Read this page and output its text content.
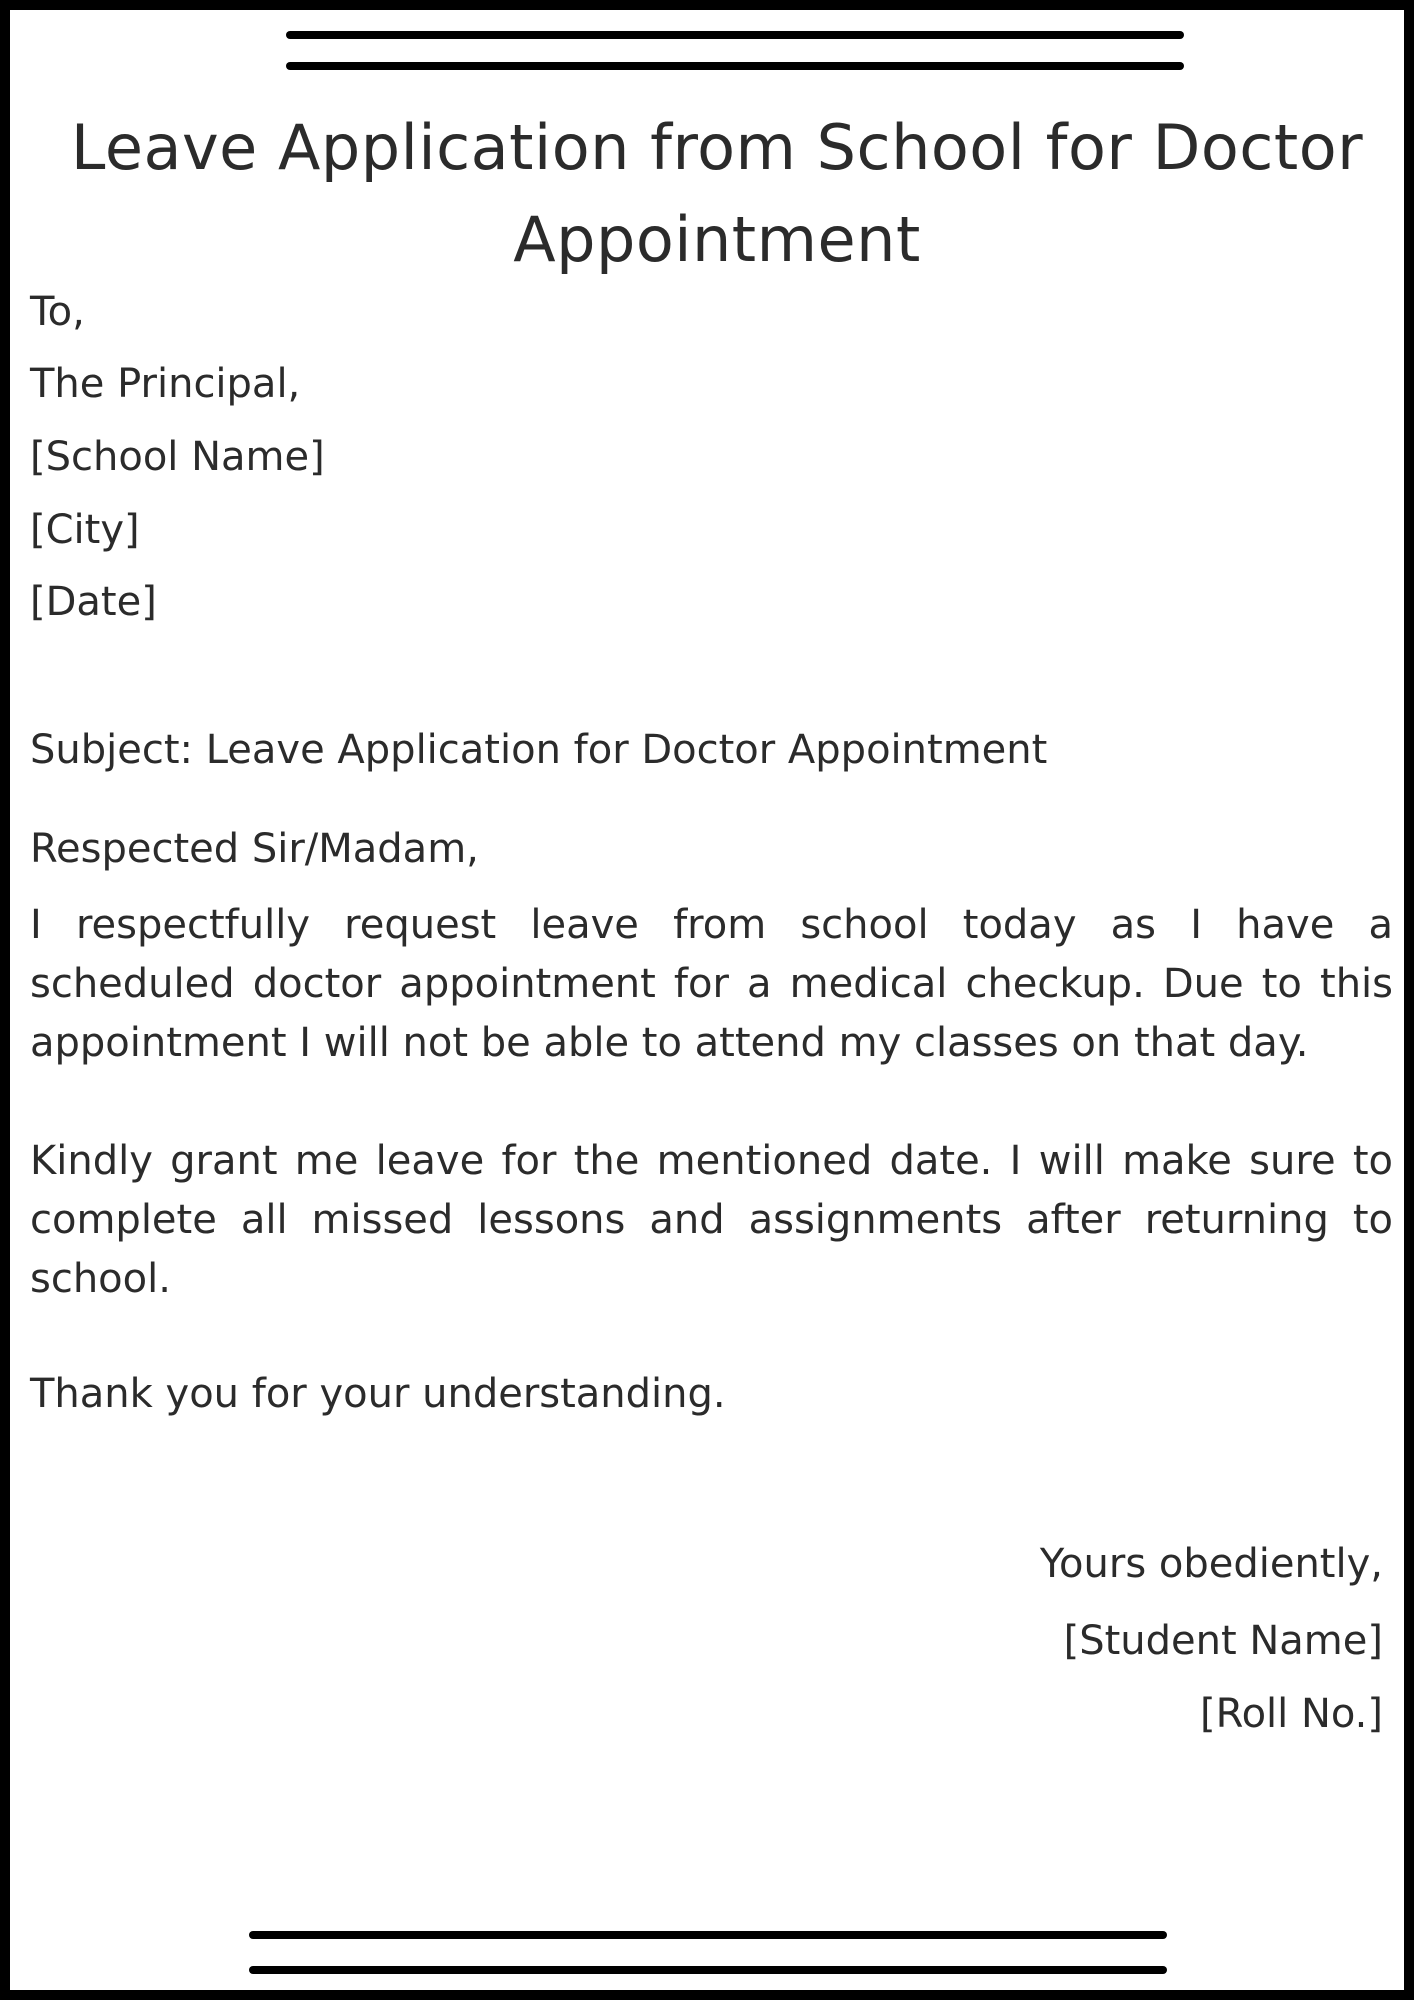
Leave Application from School for Doctor Appointment

To,

The Principal,

[School Name]

[City]

[Date]

Subject: Leave Application for Doctor Appointment

Respected Sir/Madam,

I respectfully request leave from school today as I have a scheduled doctor appointment for a medical checkup. Due to this appointment I will not be able to attend my classes on that day.

Kindly grant me leave for the mentioned date. I will make sure to complete all missed lessons and assignments after returning to school.

Thank you for your understanding.

Yours obediently,

[Student Name]

[Roll No.]
